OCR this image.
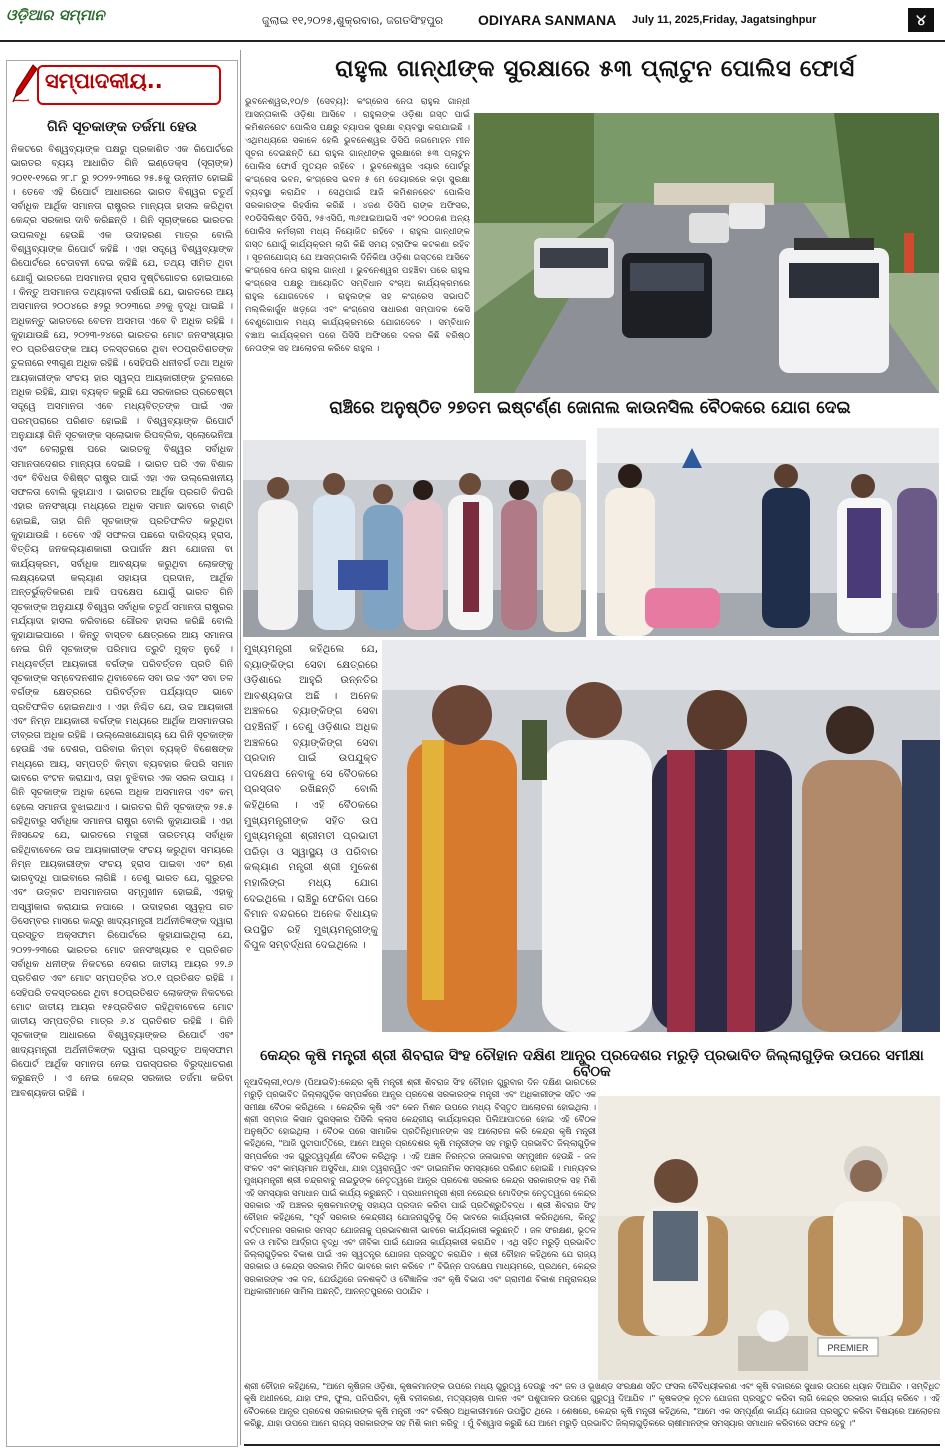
ଓଡ଼ିଆର ସମ୍ମାନ	ଜୁଲାଇ ୧୧,୨୦୨୫,ଶୁକ୍ରବାର, ଜଗତସିଂହପୁର ODIYARA SANMANA July 11, 2025,Friday, Jagatsinghpur	୪
ସମ୍ପାଦକୀୟ..
ଗିନି ସୂଚକାଙ୍କ ତର୍ଜମା ହେଉ
ନିକଟରେ ବିଶ୍ୱବ୍ୟାଙ୍କ ପକ୍ଷରୁ ପ୍ରକାଶିତ ଏକ ରିପୋର୍ଟରେ ଭାରତର ବ୍ୟୟ ଆଧାରିତ ଗିନି ଇଣ୍ଡେକ୍ସ (ସୂଚାଙ୍କ) ୨୦୧୧-୧୨ରେ ୨୮.୮ ରୁ ୨୦୨୨-୨୩ରେ ୨୫.୫କୁ ଉନ୍ନୀତ ହୋଇଛି । ତେବେ ଏହି ରିପୋର୍ଟ ଆଧାରରେ ଭାରତ ବିଶ୍ୱର ଚତୁର୍ଥ ସର୍ବାଧିକ ଆର୍ଥିକ ସମାନତା ରାଷ୍ଟ୍ରର ମାନ୍ୟତା ହାସଲ କରିଥିବା କେନ୍ଦ୍ର ସରକାର ଦାବି କରିଛନ୍ତି । ଗିନି ସୂଚାଙ୍କରେ ଭାରତର ଉପଲବ୍ଧି ହେଉଛି ଏକ ଉଦାହରଣ ମାତ୍ର ବୋଲି ବିଶ୍ୱବ୍ୟାଙ୍କ ରିପୋର୍ଟ କହିଛି । ଏହା ସତ୍ତ୍ୱେ ବିଶ୍ୱବ୍ୟାଙ୍କ ରିପୋର୍ଟରେ ଚେତାବନୀ ଦେଇ କହିଛି ଯେ, ତଥ୍ୟ ସୀମିତ ଥିବା ଯୋଗୁଁ ଭାରତରେ ଅସମାନତା ହ୍ରାସ ଦୃଷ୍ଟିଗୋଚର ହୋଇପାରେ । କିନ୍ତୁ ଅସମାନତା ତଥ୍ୟାବଳୀ ଦର୍ଶାଉଛି ଯେ, ଭାରତରେ ଆୟ ଅସମାନତା ୨୦୦୪ରେ ୫୨ରୁ ୨୦୨୩ରେ ୬୨କୁ ବୃଦ୍ଧି ପାଇଛି । ଅଧିକନ୍ତୁ ଭାରତରେ ବେତନ ଅସମତା ଏବେ ବି ଅଧିକ ରହିଛି । କୁହାଯାଉଛି ଯେ, ୨୦୨୩-୨୪ରେ ଭାରତର ମୋଟ ଜନସଂଖ୍ୟାର ୧୦ ପ୍ରତିଶତଙ୍କ ଆୟ ତଳସ୍ତରରେ ଥିବା ୧୦ପ୍ରତିଶତଙ୍କ ତୁଳନାରେ ୧୩ଗୁଣ ଅଧିକ ରହିଛି । ସେହିପରି ଧନୀବର୍ଗ ତଥା ଅଧିକ ଆୟକାରୀଙ୍କ ସଂଚୟ ହାର ସ୍ୱଳ୍ପ ଆୟକାରୀଙ୍କ ତୁଳନାରେ ଅଧିକ ରହିଛି, ଯାହା ବ୍ୟକ୍ତ କରୁଛି ଯେ ସରକାରର ପ୍ରଚେଷ୍ଟା ସତ୍ତ୍ୱେ ଅସମାନତା ଏବେ ମଧ୍ୟବିତ୍ତଙ୍କ ପାଇଁ ଏକ ପରମ୍ପରାରେ ପରିଣତ ହୋଇଛି । ବିଶ୍ୱବ୍ୟାଙ୍କ ରିପୋର୍ଟ ଅନୁଯାୟୀ ଗିନି ସୂଚକାଙ୍କ ସ୍ଲୋଭାକ ରିପବ୍ଲିକ, ସ୍ଲୋଭେନିଆ ଏବଂ ବେଲାରୁଷ ପରେ ଭାରତକୁ ବିଶ୍ୱର ସର୍ବାଧିକ ସମାନତାଦେଶର ମାନ୍ୟତା ଦେଇଛି । ଭାରତ ପରି ଏକ ବିଶାଳ ଏବଂ ବିବିଧତା ବିଶିଷ୍ଟ ରାଷ୍ଟ୍ର ପାଇଁ ଏହା ଏକ ଉଲ୍ଲେଖନୀୟ ସଫଳତା ବୋଲି କୁହାଯାଏ । ଭାରତର ଆର୍ଥିକ ପ୍ରଗତି କିପରି ଏହାର ଜନସଂଖ୍ୟା ମଧ୍ୟରେ ଅଧିକ ସମାନ ଭାବରେ ବାଣ୍ଟି ହୋଇଛି, ତାହା ଗିନି ସୂଚକାଙ୍କ ପ୍ରତିଫଳିତ କରୁଥିବା କୁହାଯାଉଛି । ତେବେ ଏହି ସଫଳତା ପଛରେ ଦାରିଦ୍ର୍ୟ ହ୍ରାସ, ବିତ୍ତିୟ ଜନକଲ୍ୟାଣକାରୀ ଉପାର୍ଜନ କ୍ଷମ ଯୋଜନା ବା କାର୍ଯ୍ୟକ୍ରମ, ସର୍ବାଧିକ ଆବଶ୍ୟକ କରୁଥିବା ଲୋକଙ୍କୁ ଲକ୍ଷ୍ୟଭେଦୀ କଲ୍ୟାଣ ସହାୟତା ପ୍ରଦାନ, ଆର୍ଥିକ ଅନ୍ତର୍ଭୁକ୍ତିକରଣ ଆଦି ପଦକ୍ଷେପ ଯୋଗୁଁ ଭାରତ ଗିନି ସୂଚକାଙ୍କ ଅନୁଯାୟୀ ବିଶ୍ୱର ସର୍ବାଧିକ ଚତୁର୍ଥ ସମାନତା ରାଷ୍ଟ୍ରର ମର୍ଯ୍ୟାଦା ହାସଲ କରିବାରେ ଗୌରବ ହାସଲ କରିଛି ବୋଲି କୁହାଯାଇପାରେ । କିନ୍ତୁ ବାସ୍ତବ କ୍ଷେତ୍ରରେ ଆୟ ସମାନତା ନେଇ ଗିନି ସୂଚକାଙ୍କ ପରିମାପ ତ୍ରୁଟି ମୁକ୍ତ ନୁହେଁ । ମଧ୍ୟବର୍ତ୍ତୀ ଆୟକାରୀ ବର୍ଗଙ୍କ ପରିବର୍ତ୍ତନ ପ୍ରତି ଗିନି ସୂଚକାଙ୍କ ସମ୍ବେଦନଶୀଳ ଥିବାବେଳେ ସବା ଉଚ୍ଚ ଏବଂ ସବା ତଳ ବର୍ଗଙ୍କ କ୍ଷେତ୍ରରେ ପରିବର୍ତ୍ତନ ପର୍ଯ୍ୟାପ୍ତ ଭାବେ ପ୍ରତିଫଳିତ ହୋଇନଥାଏ । ଏହା ନିଶ୍ଚିତ ଯେ, ଉଚ୍ଚ ଆୟକାରୀ ଏବଂ ନିମ୍ନ ଆୟକାରୀ ବର୍ଗଙ୍କ ମଧ୍ୟରେ ଆର୍ଥିକ ଅସମାନତାର ତୀବ୍ରତା ଅଧିକ ରହିଛି । ଉଲ୍ଲେଖଯୋଗ୍ୟ ଯେ ଗିନି ସୂଚକାଙ୍କ ହେଉଛି ଏକ ଦେଶର, ପରିବାର କିମ୍ବା ବ୍ୟକ୍ତି ବିଶେଷଙ୍କ ମଧ୍ୟରେ ଆୟ, ସମ୍ପତ୍ତି କିମ୍ବା ବ୍ୟବହାର କିପରି ସମାନ ଭାବରେ ବଂଟନ କରାଯାଏ, ତାହା ବୁଝିବାର ଏକ ସରଳ ଉପାୟ । ଗିନି ସୂଚକାଙ୍କ ଅଧିକ ହେଲେ ଅଧିକ ଅସମାନତା ଏବଂ କମ୍ ହେଲେ ସମାନତା ବୁଝାଇଥାଏ । ଭାରତର ଗିନି ସୂଚକାଙ୍କ ୨୫.୫ ରହିଥିବାରୁ ସର୍ବାଧିକ ସମାନତା ରାଷ୍ଟ୍ର ବୋଲି କୁହାଯାଉଛି । ଏହା ନିଃସନ୍ଦେହ ଯେ, ଭାରତରେ ମଜୁରୀ ତାରତମ୍ୟ ସର୍ବାଧିକ ରହିଥିବାବେଳେ ଉଚ୍ଚ ଆୟକାରୀଙ୍କ ସଂଚୟ କରୁଥିବା ସମୟରେ ନିମ୍ନ ଆୟକାରୀଙ୍କ ସଂଚୟ ହ୍ରାସ ପାଇବା ଏବଂ ଋଣ ଭାରବୃଦ୍ଧି ପାଇବାରେ ଲାଗିଛି । ତେଣୁ ଭାରତ ଯେ, ଗୁରୁତର ଏବଂ ଉତ୍କଟ ଅସମାନତାର ସମ୍ମୁଖୀନ ହୋଇଛି, ଏହାକୁ ଅସ୍ୱୀକାର କରାଯାଇ ନପାରେ । ଉଦାହରଣ ସ୍ୱରୂପ ଗତ ଡିସେମ୍ବର ମାସରେ କନ୍ଦ୍ରୁ ଖାଦ୍ୟମନ୍ତ୍ରୀ ଅର୍ଥନୀତିଜ୍ଞଙ୍କ ଦ୍ୱାରା ପ୍ରସ୍ତୁତ ଅକ୍ସଫାମ ରିପୋର୍ଟରେ କୁହାଯାଇଥିଲା ଯେ, ୨୦୨୨-୨୩ରେ ଭାରତର ମୋଟ ଜନସଂଖ୍ୟାର ୧ ପ୍ରତିଶତ ସର୍ବାଧିକ ଧନୀଙ୍କ ନିକଟରେ ଦେଶର ଜାତୀୟ ଆୟର ୨୨.୬ ପ୍ରତିଶତ ଏବଂ ମୋଟ ସମ୍ପତ୍ତିର ୪୦.୧ ପ୍ରତିଶତ ରହିଛି । ସେହିପରି ତଳସ୍ତରରେ ଥିବା ୫୦ପ୍ରତିଶତ ଲୋକଙ୍କ ନିକଟରେ ମୋଟ ଜାତୀୟ ଆୟର ୧୫ପ୍ରତିଶତ ରହିଥିବାବେଳେ ମୋଟ ଜାତୀୟ ସମ୍ପତ୍ତିର ମାତ୍ର ୬.୪ ପ୍ରତିଶତ ରହିଛି । ଗିନି ସୂଚକାଙ୍କ ଆଧାରରେ ବିଶ୍ୱବ୍ୟାଙ୍କର ରିପୋର୍ଟ ଏବଂ ଖାଦ୍ୟମନ୍ତ୍ରୀ ଅର୍ଥନୀତିଜ୍ଞଙ୍କ ଦ୍ୱାରା ପ୍ରସ୍ତୁତ ଅକ୍ସଫାମ ରିପୋର୍ଟ ଆର୍ଥିକ ସମାନତା ନେଇ ପରସ୍ପରର ବିରୁଦ୍ଧାଚରଣ କରୁଛନ୍ତି । ଏ ନେଇ କେନ୍ଦ୍ର ସରକାର ତର୍ଜମା କରିବା ଆବଶ୍ୟକତା ରହିଛି ।
ରାହୁଲ ଗାନ୍ଧୀଙ୍କ ସୁରକ୍ଷାରେ ୫୩ ପ୍ଲାଟୁନ ପୋଲିସ ଫୋର୍ସ
ଭୁବନେଶ୍ୱର,୧୦/୭ (ସେବ୍ୟ): କଂଗ୍ରେସ ନେତା ରାହୁଲ ଗାନ୍ଧୀ ଆସନ୍ତାକାଲି ଓଡ଼ିଶା ଆସିବେ । ରାହୁଲଙ୍କ ଓଡ଼ିଶା ଗସ୍ତ ପାଇଁ କମିଶନରେଟ ପୋଲିସ ପକ୍ଷରୁ ବ୍ୟାପକ ସୁରକ୍ଷା ବ୍ୟବସ୍ଥା କରାଯାଇଛି । ଏଥିମଧ୍ୟରେ ସକାଳେ ହେଲି ଭୁବନେଶ୍ୱର ଡିସିପି ଜଗମୋହନ ମୀନ ସୂଚନା ଦେଇଛନ୍ତି ଯେ ରାହୁଲ ଗାନ୍ଧୀଙ୍କ ସୁରକ୍ଷାରେ ୫୩ ପ୍ଲାଟୁନ ପୋଲିସ ଫୋର୍ସ ମୁତୟନ ରହିବେ । ଭୁବନେଶ୍ୱର ଏୟାର ପୋର୍ଟରୁ କଂଗ୍ରେସ ଭବନ, କଂଗ୍ରେସ ଭବନ ୫ ମେ ଡେୟାରରେ କଡ଼ା ସୁରକ୍ଷା ବ୍ୟବସ୍ଥା କରାଯିବ । ସେଥିପାଇଁ ଆଜି କମିଶନରେଟ ପୋଲିସ ସରକାରଙ୍କ ରିହର୍ସାଲ କରିଛି । ୪ଜଣ ଡିସିପି ରାଙ୍କ ଅଫିସର, ୧୦ଡିସିଲିଷ୍ଟ ଡିସିପି, ୨୫ଏସିପି, ୩୬ଆଇଆଇସି ଏବଂ ୨୦୦ଜଣ ଅନ୍ୟ ପୋଲିସ କର୍ମଚାରୀ ମଧ୍ୟ ନିୟୋଜିତ ରହିବେ । ରାହୁଲ ଗାନ୍ଧୀଙ୍କ ଗସ୍ତ ଯୋଗୁଁ କାର୍ଯ୍ୟକ୍ରମ ଲାଗି କିଛି ସମୟ ଟ୍ରାଫିକ କଟକଣା ରହିବ । ସୂଚନାଯୋଗ୍ୟ ଯେ ଆସନ୍ତାକାଲି ଦିନିକିଆ ଓଡ଼ିଶା ଗସ୍ତରେ ଆସିବେ କଂଗ୍ରେସ ନେତା ରାହୁଲ ଗାନ୍ଧୀ । ଭୁବନେଶ୍ୱର ପହଞ୍ଚିବା ପରେ ରାହୁଲ କଂଗ୍ରେସ ପକ୍ଷରୁ ଆୟୋଜିତ ସମ୍ବିଧାନ ବଂଚାଅ କାର୍ଯ୍ୟକ୍ରମରେ ରାହୁଲ ଯୋଗଦେବେ । ରାହୁଲଙ୍କ ସହ କଂଗ୍ରେସ ସଭାପତି ମଲ୍ଲିକାର୍ଜୁନ ଖଡ଼୍ଗେ ଏବଂ କଂଗ୍ରେସ ସାଧାରଣ ସମ୍ପାଦକ କେସି ବେଣୁଗୋପାଳ ମଧ୍ୟ କାର୍ଯ୍ୟକ୍ରମରେ ଯୋଗଦେବେ । ସମ୍ବିଧାନ ବଞ୍ଚାଅ କାର୍ଯ୍ୟକ୍ରମ ପରେ ପିସିସି ଅଫିସରେ ଦଳର କିଛି ବରିଷ୍ଠ ନେତାଙ୍କ ସହ ଆଲୋଚନା କରିବେ ରାହୁଲ ।
ରାଞ୍ଚିରେ ଅନୁଷ୍ଠିତ ୨୭ତମ ଇଷ୍ଟର୍ଣ୍ଣ ଜୋନାଲ କାଉନସିଲ ବୈଠକରେ ଯୋଗ ଦେଇ
ମୁଖ୍ୟମନ୍ତ୍ରୀ କହିଥିଲେ ଯେ, ବ୍ୟାଙ୍କିଙ୍ଗ ସେବା କ୍ଷେତ୍ରରେ ଓଡ଼ିଶାରେ ଆହୁରି ଉନ୍ନତିର ଆବଶ୍ୟକତା ଅଛି । ଅନେକ ଅଞ୍ଚଳରେ ବ୍ୟାଙ୍କିଙ୍ଗ ସେବା ପହଞ୍ଚିନାହିଁ । ତେଣୁ ଓଡ଼ିଶାର ଅଧିକ ଅଞ୍ଚଳରେ ବ୍ୟାଙ୍କିଙ୍ଗ ସେବା ପ୍ରଦାନ ପାଇଁ ଉପଯୁକ୍ତ ପଦକ୍ଷେପ ନେବାକୁ ସେ ବୈଠକରେ ପ୍ରସ୍ତାବ ରଖିଛନ୍ତି ବୋଲି କହିଥିଲେ । ଏହି ବୈଠକରେ ମୁଖ୍ୟମନ୍ତ୍ରୀଙ୍କ ସହିତ ଉପ ମୁଖ୍ୟମନ୍ତ୍ରୀ ଶ୍ରୀମତୀ ପ୍ରଭାତୀ ପରିଡ଼ା ଓ ସ୍ୱାସ୍ଥ୍ୟ ଓ ପରିବାର କଲ୍ୟାଣ ମନ୍ତ୍ରୀ ଶ୍ରୀ ମୁକେଶ ମହାଲିଙ୍ଗ ମଧ୍ୟ ଯୋଗ ଦେଇଥିଲେ । ରାଞ୍ଚିରୁ ଫେରିବା ପରେ ବିମାନ ବନ୍ଦରରେ ଅନେକ ବିଧାୟକ ଉପସ୍ଥିତ ରହି ମୁଖ୍ୟମନ୍ତ୍ରୀଙ୍କୁ ବିପୁଳ ସମ୍ବର୍ଦ୍ଧନା ଦେଇଥିଲେ ।
କେନ୍ଦ୍ର କୃଷି ମନ୍ତ୍ରୀ ଶ୍ରୀ ଶିବରାଜ ସିଂହ ଚୌହାନ ଦକ୍ଷିଣ ଆନ୍ଧ୍ର ପ୍ରଦେଶର ମରୁଡ଼ି ପ୍ରଭାବିତ ଜିଲ୍ଲାଗୁଡ଼ିକ ଉପରେ ସମୀକ୍ଷା ବୈଠକ
ନୂଆଦିଲ୍ଲୀ,୧୦/୭ (ପିଆଇବି):କେନ୍ଦ୍ର କୃଷି ମନ୍ତ୍ରୀ ଶ୍ରୀ ଶିବରାଜ ସିଂହ ଚୌହାନ ଗୁରୁବାର ଦିନ ଦକ୍ଷିଣ ଭାରତରେ ମରୁଡ଼ି ପ୍ରଭାବିତ ଜିଲ୍ଲାଗୁଡ଼ିକ ସମ୍ପର୍କରେ ଆନ୍ଧ୍ର ପ୍ରଦେଶ ସରକାରଙ୍କ ମନ୍ତ୍ରୀ ଏବଂ ଅଧିକାରୀଙ୍କ ସହିତ ଏକ ସମୀକ୍ଷା ବୈଠକ କରିଥିଲେ । କେନ୍ଦ୍ରିକ କୃଷି ଏବଂ କେନ ମିଶନ ଉପରେ ମଧ୍ୟ ବିସ୍ତୃତ ଆଲୋଚନା ହୋଇଥିଲା । ଶ୍ରୀ ସମ୍ବାଜ କିସାନ ପୁରସ୍କାର ପିସିଲି କ୍ଲାସ କେନ୍ଦ୍ରୀୟ କାର୍ଯ୍ୟାଳୟର ପିଲିଆପାତରେ ହୋଇ ଏହି ବୈଠକ ଅନୁଷ୍ଠିତ ହୋଇଥିଲା । ବୈଠକ ପରେ ସାମାଜିକ ପ୍ରତିନିଧିମାନଙ୍କ ସହ ଆଲୋଚନା କରି କେନ୍ଦ୍ର କୃଷି ମନ୍ତ୍ରୀ କହିଥିଲେ, "ଆଜି ପୁଟାପାର୍ତ୍ତିରେ, ଆମେ ଆନ୍ଧ୍ର ପ୍ରଦେଶର କୃଷି ମନ୍ତ୍ରୀଙ୍କ ସହ ମରୁଡ଼ି ପ୍ରଭାବିତ ଜିଲ୍ଲାଗୁଡ଼ିକ ସମ୍ପର୍କରେ ଏକ ଗୁରୁତ୍ୱପୂର୍ଣ୍ଣ ବୈଠକ କରିଥିଲୁ । ଏହି ଅଞ୍ଚଳ ନିରନ୍ତର ଜଳାଭାବର ସମ୍ମୁଖୀନ ହେଉଛି - ଜଳ ସଂକଟ ଏବଂ କାମ୍ୟମାନ ଅସୁବିଧା, ଯାହା ତ୍ୱରାନ୍ୱିତ ଏବଂ ଡାଇନାମିକ ସମସ୍ୟାରେ ପରିଣତ ହୋଇଛି । ମାନ୍ୟବର ମୁଖ୍ୟମନ୍ତ୍ରୀ ଶ୍ରୀ ଚନ୍ଦ୍ରବାବୁ ନାଇଡୁଙ୍କ ନେତୃତ୍ୱରେ ଆନ୍ଧ୍ର ପ୍ରଦେଶ ସରକାର କେନ୍ଦ୍ର ସରକାରଙ୍କ ସହ ମିଶି ଏହି ସମସ୍ୟାର ସମାଧାନ ପାଇଁ କାର୍ଯ୍ୟ କରୁଛନ୍ତି । ପ୍ରଧାନମନ୍ତ୍ରୀ ଶ୍ରୀ ନରେନ୍ଦ୍ର ମୋଦିଙ୍କ ନେତୃତ୍ୱରେ କେନ୍ଦ୍ର ସରକାର ଏହି ଅଞ୍ଚଳର କୃଷକମାନଙ୍କୁ ସହାୟତା ପ୍ରଦାନ କରିବା ପାଇଁ ପ୍ରତିଶ୍ରୁତିବଦ୍ଧ । ଶ୍ରୀ ଶିବରାଜ ସିଂହ ଚୌହାନ କହିଥିଲେ, "ପୂର୍ବ ସରକାର କେନ୍ଦ୍ରୀୟ ଯୋଜନାଗୁଡ଼ିକୁ ଠିକ୍ ଭାବରେ କାର୍ଯ୍ୟକାରୀ କରିନଥିଲେ, କିନ୍ତୁ ବର୍ତ୍ତମାନର ସରକାର ସମସ୍ତ ଯୋଜନାକୁ ପ୍ରଭାବଶାଳୀ ଭାବରେ କାର୍ଯ୍ୟକାରୀ କରୁଛନ୍ତି । ଜଳ ସଂରକ୍ଷଣ, ଭୂତଳ ଜଳ ଓ ମାଟିର ଆର୍ଦ୍ରତା ବୃଦ୍ଧି ଏବଂ ଜୀବିକା ପାଇଁ ଯୋଜନା କାର୍ଯ୍ୟକାରୀ କରାଯିବ । ଏଥି ସହିତ ମରୁଡ଼ି ପ୍ରଭାବିତ ଜିଲ୍ଲାଗୁଡ଼ିକର ବିକାଶ ପାଇଁ ଏକ ସ୍ୱତନ୍ତ୍ର ଯୋଜନା ପ୍ରସ୍ତୁତ କରାଯିବ । ଶ୍ରୀ ଚୌହାନ କହିଥିଲେ ଯେ ରାଜ୍ୟ ସରକାର ଓ କେନ୍ଦ୍ର ସରକାର ମିଳିତ ଭାବରେ କାମ କରିବେ ।" ବିଭିନ୍ନ ପଦକ୍ଷେପ ମାଧ୍ୟମରେ, ପ୍ରଥମେ, କେନ୍ଦ୍ର ସରକାରଙ୍କ ଏକ ଦଳ, ଯେଉଁଥିରେ ଜଳଶକ୍ତି ଓ ବୈଜ୍ଞାନିକ ଏବଂ କୃଷି ବିଭାଗ ଏବଂ ଗ୍ରାମୀଣ ବିକାଶ ମନ୍ତ୍ରାଳୟର ଅଧିକାରୀମାନେ ସାମିଲ ଅଛନ୍ତି, ଆନନ୍ତପୁରରେ ପଠାଯିବ ।
PREMIER
ଶ୍ରୀ ଚୌହାନ କହିଥିଲେ, "ଆମେ କୃଷିଜଳ ଓଡ଼ିଶା, କୃଷକମାନଙ୍କ ଉପରେ ମଧ୍ୟ ଗୁରୁତ୍ୱ ଦେଉଛୁ ଏବଂ ଜଳ ଓ ଭୂଖଣ୍ଡ ସଂରକ୍ଷଣ ସହିତ ଫସଲ ବୈବିଧ୍ୟୀକରଣ ଏବଂ କୃଷି ବଜାରରେ ସୁଧାର ଉପରେ ଧ୍ୟାନ ଦିଆଯିବ । ସମ୍ବିଧିତ କୃଷି ଅଧୀନରେ, ଯାହା ଫଳ, ଫୁଲ, ପନିପରିବା, କୃଷି ବନୀକରଣ, ମତ୍ସ୍ୟଚାଷ ପାଳନ ଏବଂ ପଶୁପାଳନ ଉପରେ ଗୁରୁତ୍ୱ ଦିଆଯିବ ।" କୃଷକଙ୍କ ନୂତନ ଯୋଜନା ପ୍ରସ୍ତୁତ କରିବା ଲାଗି କେନ୍ଦ୍ର ସରକାର କାର୍ଯ୍ୟ କରିବେ । ଏହି ବୈଠକରେ ଆନ୍ଧ୍ର ପ୍ରଦେଶ ସରକାରଙ୍କ କୃଷି ମନ୍ତ୍ରୀ ଏବଂ ବରିଷ୍ଠ ଅଧିକାରୀମାନେ ଉପସ୍ଥିତ ଥିଲେ । ଶେଷରେ, କେନ୍ଦ୍ର କୃଷି ମନ୍ତ୍ରୀ କହିଥିଲେ, "ଆମେ ଏକ ସମ୍ପୂର୍ଣ୍ଣ କାର୍ଯ୍ୟ ଯୋଜନା ପ୍ରସ୍ତୁତ କରିବା ବିଷୟରେ ଆଲୋଚନା କରିଛୁ, ଯାହା ଉପରେ ଆମେ ରାଜ୍ୟ ସରକାରଙ୍କ ସହ ମିଶି କାମ କରିବୁ । ମୁଁ ବିଶ୍ୱାସ କରୁଛି ଯେ ଆମେ ମରୁଡ଼ି ପ୍ରଭାବିତ ଜିଲ୍ଲାଗୁଡ଼ିକରେ ଚାଷୀମାନଙ୍କ ସମସ୍ୟାର ସମାଧାନ କରିବାରେ ସଫଳ ହେବୁ ।"
